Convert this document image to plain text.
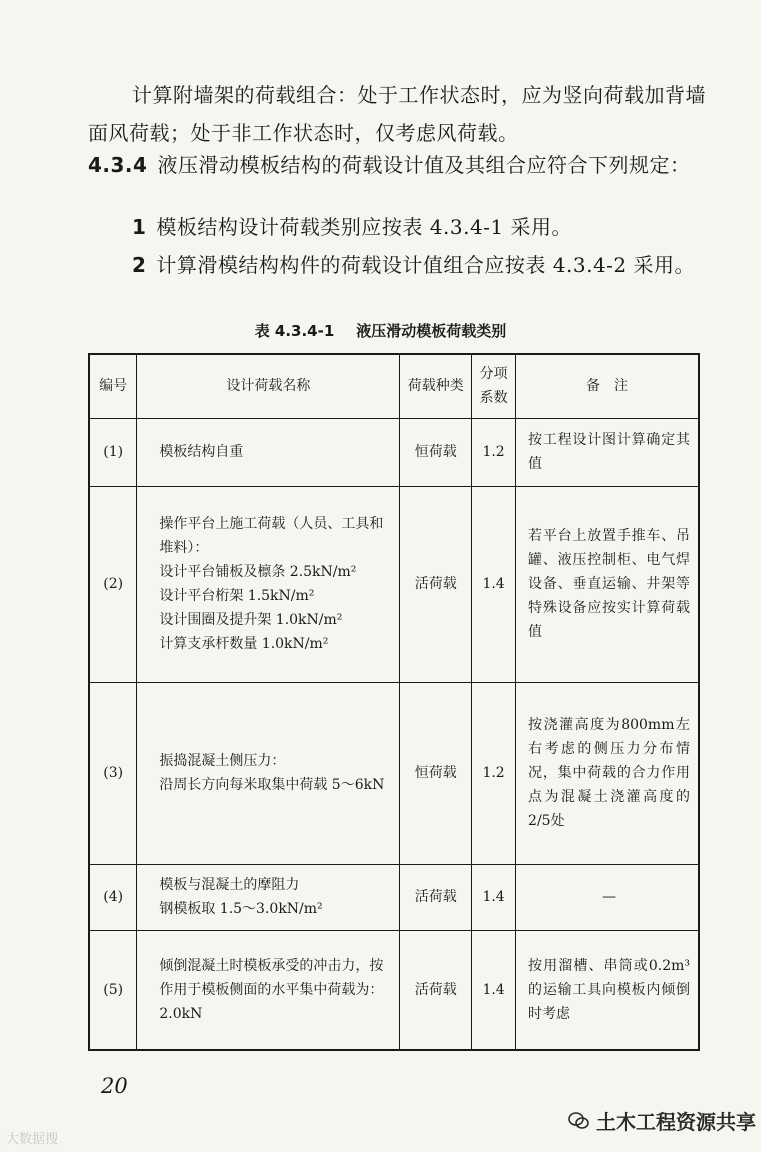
计算附墙架的荷载组合：处于工作状态时，应为竖向荷载加背墙面风荷载；处于非工作状态时，仅考虑风荷载。
4.3.4 液压滑动模板结构的荷载设计值及其组合应符合下列规定：
1 模板结构设计荷载类别应按表 4.3.4-1 采用。
2 计算滑模结构构件的荷载设计值组合应按表 4.3.4-2 采用。
表 4.3.4-1 液压滑动模板荷载类别
编号	设计荷载名称	荷载种类	分项系数	备　注
(1)	模板结构自重	恒荷载	1.2	按工程设计图计算确定其值
(2)	操作平台上施工荷载（人员、工具和堆料）：
设计平台铺板及檩条 2.5kN/m²
设计平台桁架 1.5kN/m²
设计围圈及提升架 1.0kN/m²
计算支承杆数量 1.0kN/m²	活荷载	1.4	若平台上放置手推车、吊罐、液压控制柜、电气焊设备、垂直运输、井架等特殊设备应按实计算荷载值
(3)	振捣混凝土侧压力：
沿周长方向每米取集中荷载 5～6kN	恒荷载	1.2	按浇灌高度为800mm左右考虑的侧压力分布情况，集中荷载的合力作用点为混凝土浇灌高度的2/5处
(4)	模板与混凝土的摩阻力
钢模板取 1.5～3.0kN/m²	活荷载	1.4	—
(5)	倾倒混凝土时模板承受的冲击力，按作用于模板侧面的水平集中荷载为：2.0kN	活荷载	1.4	按用溜槽、串筒或0.2m³的运输工具向模板内倾倒时考虑
20
大数据搜
土木工程资源共享
